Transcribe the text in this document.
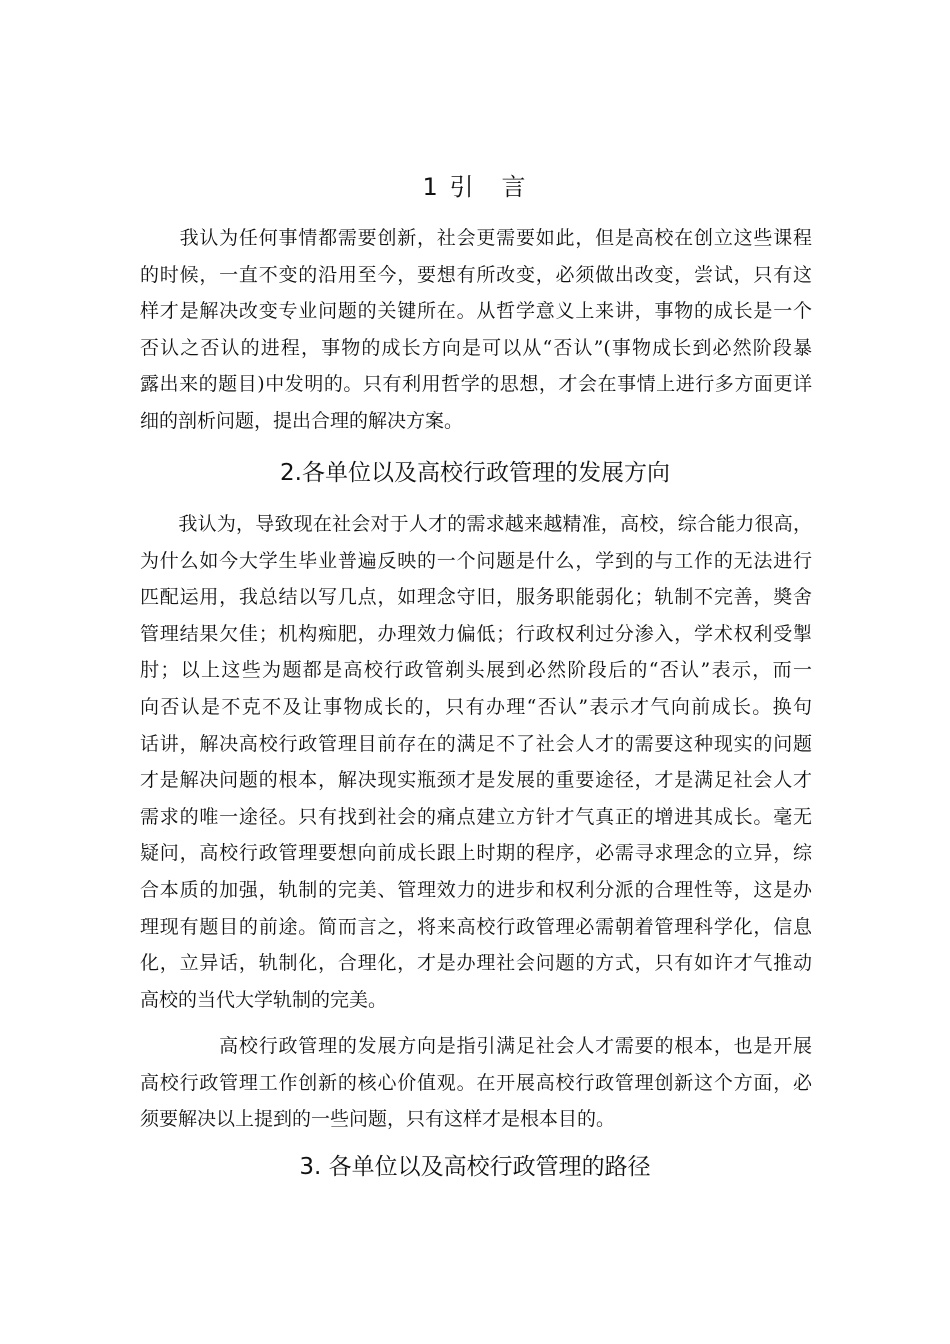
1 引　言
　　我认为任何事情都需要创新，社会更需要如此，但是高校在创立这些课程
的时候，一直不变的沿用至今，要想有所改变，必须做出改变，尝试，只有这
样才是解决改变专业问题的关键所在。从哲学意义上来讲，事物的成长是一个
否认之否认的进程，事物的成长方向是可以从“否认”(事物成长到必然阶段暴
露出来的题目)中发明的。只有利用哲学的思想，才会在事情上进行多方面更详
细的剖析问题，提出合理的解决方案。
2.各单位以及高校行政管理的发展方向
　　我认为，导致现在社会对于人才的需求越来越精准，高校，综合能力很高，
为什么如今大学生毕业普遍反映的一个问题是什么，学到的与工作的无法进行
匹配运用，我总结以写几点，如理念守旧，服务职能弱化；轨制不完善，奬舍
管理结果欠佳；机构痴肥，办理效力偏低；行政权利过分渗入，学术权利受掣
肘；以上这些为题都是高校行政管剃头展到必然阶段后的“否认”表示，而一
向否认是不克不及让事物成长的，只有办理“否认”表示才气向前成长。换句
话讲，解决高校行政管理目前存在的满足不了社会人才的需要这种现实的问题
才是解决问题的根本，解决现实瓶颈才是发展的重要途径，才是满足社会人才
需求的唯一途径。只有找到社会的痛点建立方针才气真正的增进其成长。毫无
疑问，高校行政管理要想向前成长跟上时期的程序，必需寻求理念的立异，综
合本质的加强，轨制的完美、管理效力的进步和权利分派的合理性等，这是办
理现有题目的前途。简而言之，将来高校行政管理必需朝着管理科学化，信息
化，立异话，轨制化，合理化，才是办理社会问题的方式，只有如许才气推动
高校的当代大学轨制的完美。
　　　　高校行政管理的发展方向是指引满足社会人才需要的根本，也是开展
高校行政管理工作创新的核心价值观。在开展高校行政管理创新这个方面，必
须要解决以上提到的一些问题，只有这样才是根本目的。
3. 各单位以及高校行政管理的路径
